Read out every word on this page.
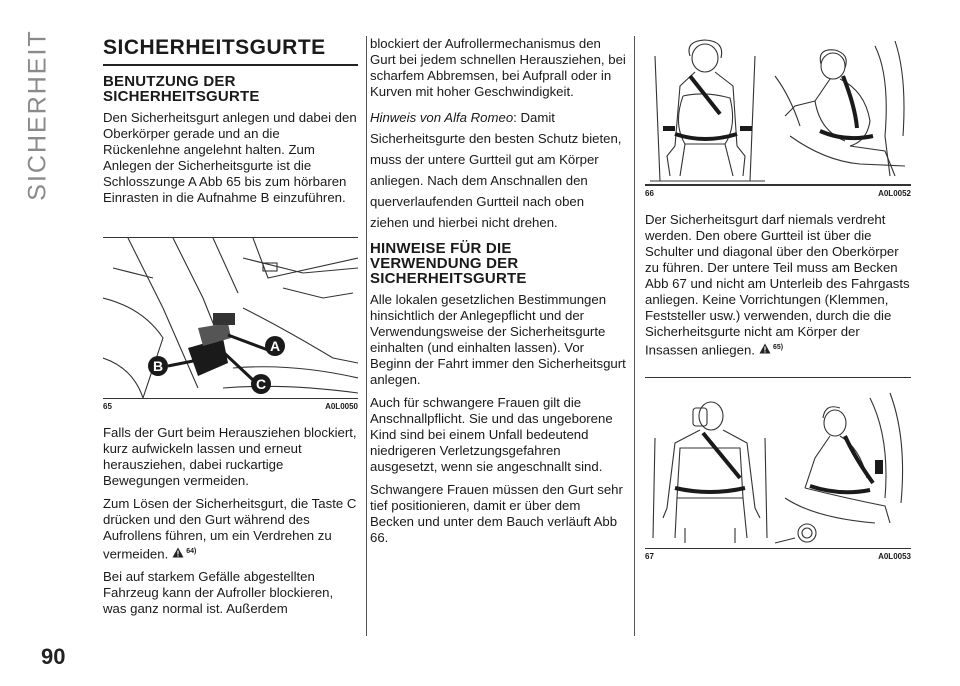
SICHERHEIT SICHERHEITSGURTE
BENUTZUNG DER SICHERHEITSGURTE

Den Sicherheitsgurt anlegen und dabei den Oberkörper gerade und an die Rückenlehne angelehnt halten. Zum Anlegen der Sicherheitsgurte ist die Schlosszunge A Abb 65 bis zum hörbaren Einrasten in die Aufnahme B einzuführen.

A
B
C
65	A0L0050

Falls der Gurt beim Herausziehen blockiert, kurz aufwickeln lassen und erneut herausziehen, dabei ruckartige Bewegungen vermeiden.

Zum Lösen der Sicherheitsgurt, die Taste C drücken und den Gurt während des Aufrollens führen, um ein Verdrehen zu vermeiden.	$^{64)}$

Bei auf starkem Gefälle abgestellten Fahrzeug kann der Aufroller blockieren, was ganz normal ist. Außerdem

blockiert der Aufrollermechanismus den Gurt bei jedem schnellen Herausziehen, bei scharfem Abbremsen, bei Aufprall oder in Kurven mit hoher Geschwindigkeit.

Hinweis von Alfa Romeo: Damit Sicherheitsgurte den besten Schutz bieten, muss der untere Gurtteil gut am Körper anliegen. Nach dem Anschnallen den querverlaufenden Gurtteil nach oben ziehen und hierbei nicht drehen.

HINWEISE FÜR DIE VERWENDUNG DER SICHERHEITSGURTE

Alle lokalen gesetzlichen Bestimmungen hinsichtlich der Anlegepflicht und der Verwendungsweise der Sicherheitsgurte einhalten (und einhalten lassen). Vor Beginn der Fahrt immer den Sicherheitsgurt anlegen.

Auch für schwangere Frauen gilt die Anschnallpflicht. Sie und das ungeborene Kind sind bei einem Unfall bedeutend niedrigeren Verletzungsgefahren ausgesetzt, wenn sie angeschnallt sind.

Schwangere Frauen müssen den Gurt sehr tief positionieren, damit er über dem Becken und unter dem Bauch verläuft Abb 66.

66	A0L0052

Der Sicherheitsgurt darf niemals verdreht werden. Den obere Gurtteil ist über die Schulter und diagonal über den Oberkörper zu führen. Der untere Teil muss am Becken Abb 67 und nicht am Unterleib des Fahrgasts anliegen. Keine Vorrichtungen (Klemmen, Feststeller usw.) verwenden, durch die die Sicherheitsgurte nicht am Körper der Insassen anliegen.	$^{65)}$

67	A0L0053
90
